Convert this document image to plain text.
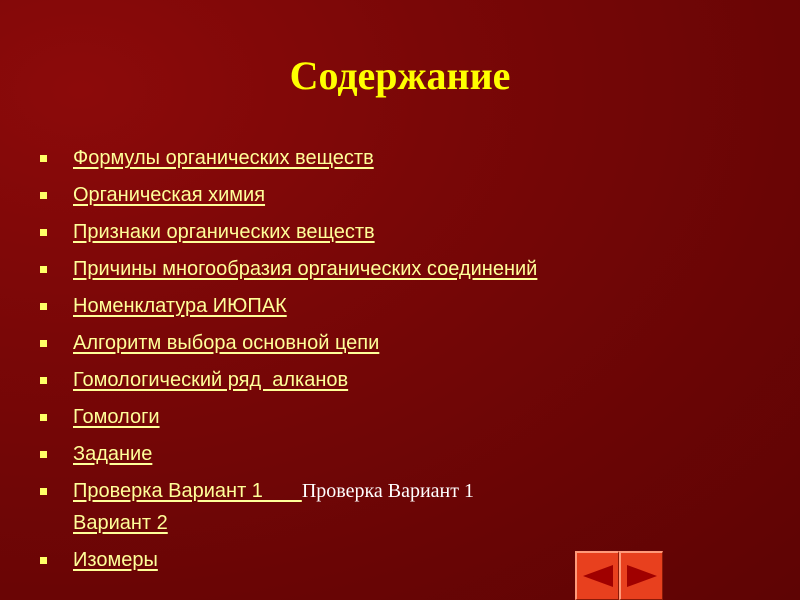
Содержание
Формулы органических веществ
Органическая химия
Признаки органических веществ
Причины многообразия органических соединений
Номенклатура ИЮПАК
Алгоритм выбора основной цепи
Гомологический ряд  алканов
Гомологи
Задание
Проверка Вариант 1       Проверка Вариант 1
Вариант 2
Изомеры
